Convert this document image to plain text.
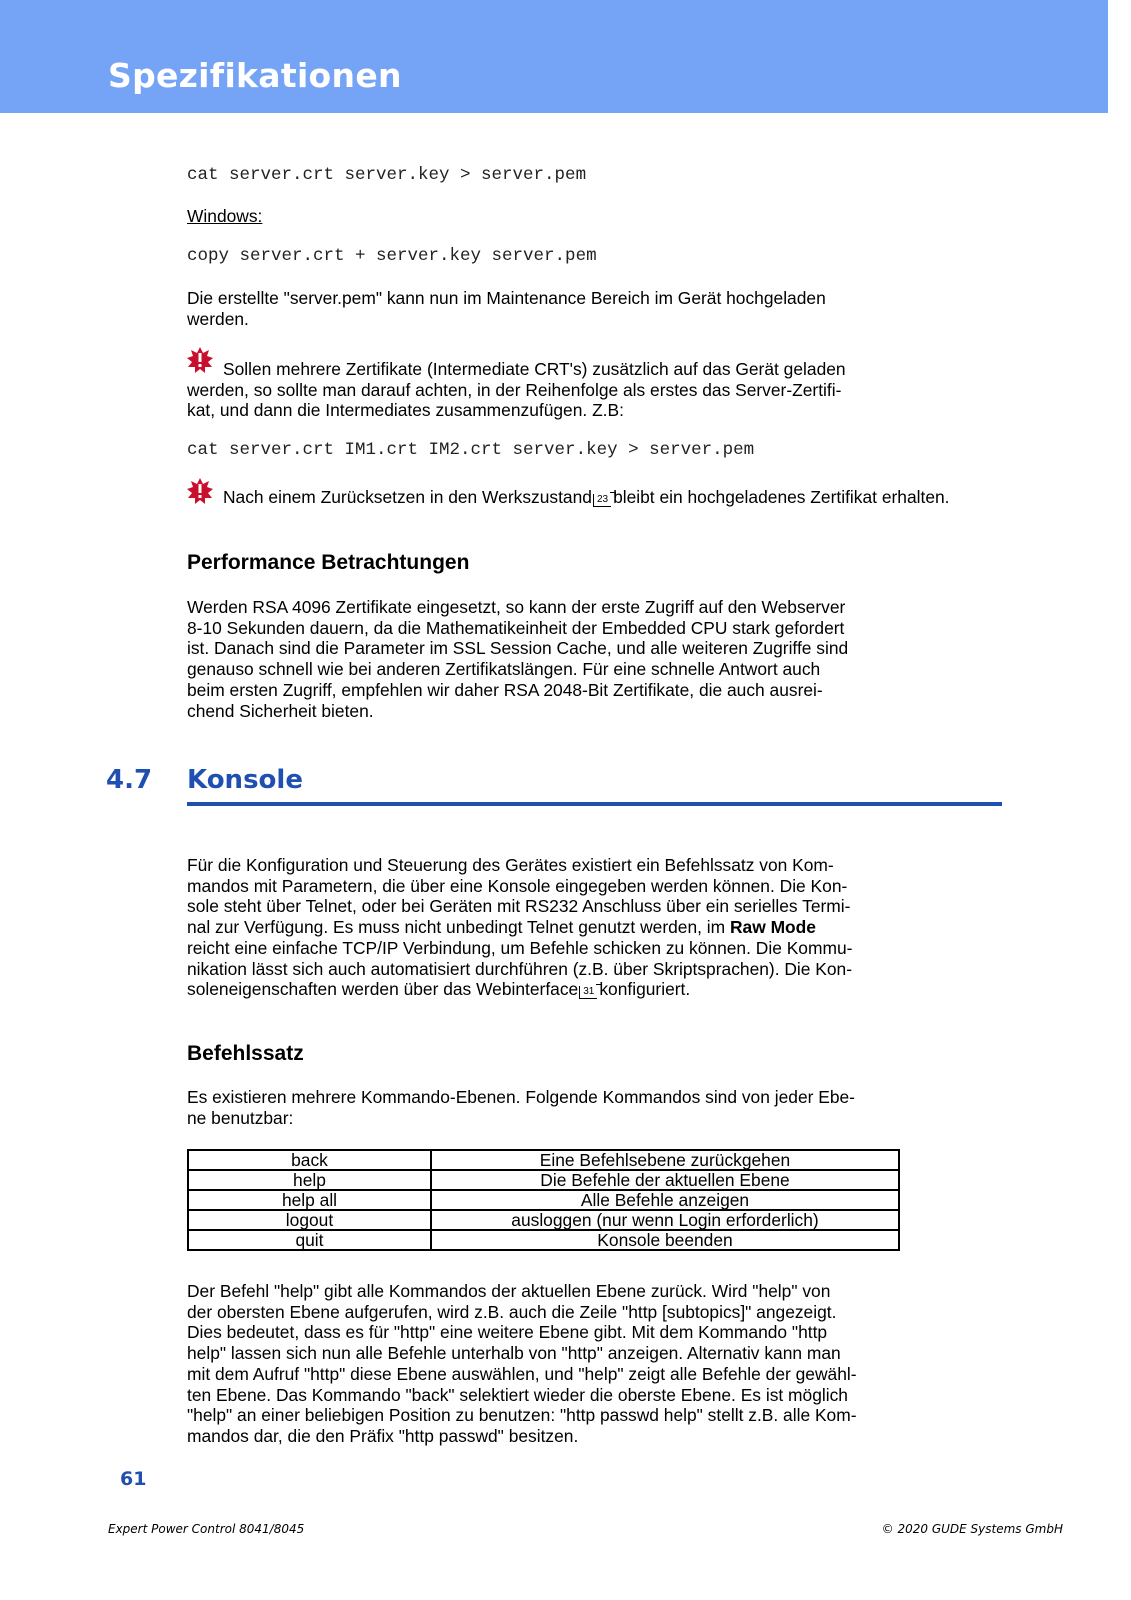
Spezifikationen
cat server.crt server.key > server.pem
Windows:
copy server.crt + server.key server.pem
Die erstellte "server.pem" kann nun im Maintenance Bereich im Gerät hochgeladen
werden.
Sollen mehrere Zertifikate (Intermediate CRT's) zusätzlich auf das Gerät geladen
werden, so sollte man darauf achten, in der Reihenfolge als erstes das Server-Zertifi-
kat, und dann die Intermediates zusammenzufügen. Z.B:
cat server.crt IM1.crt IM2.crt server.key > server.pem
Nach einem Zurücksetzen in den Werkszustand 23 bleibt ein hochgeladenes Zertifikat erhalten.
Performance Betrachtungen
Werden RSA 4096 Zertifikate eingesetzt, so kann der erste Zugriff auf den Webserver
8-10 Sekunden dauern, da die Mathematikeinheit der Embedded CPU stark gefordert
ist. Danach sind die Parameter im SSL Session Cache, und alle weiteren Zugriffe sind
genauso schnell wie bei anderen Zertifikatslängen. Für eine schnelle Antwort auch
beim ersten Zugriff, empfehlen wir daher RSA 2048-Bit Zertifikate, die auch ausrei-
chend Sicherheit bieten.
4.7 Konsole
Für die Konfiguration und Steuerung des Gerätes existiert ein Befehlssatz von Kom-
mandos mit Parametern, die über eine Konsole eingegeben werden können. Die Kon-
sole steht über Telnet, oder bei Geräten mit RS232 Anschluss über ein serielles Termi-
nal zur Verfügung. Es muss nicht unbedingt Telnet genutzt werden, im Raw Mode
reicht eine einfache TCP/IP Verbindung, um Befehle schicken zu können. Die Kommu-
nikation lässt sich auch automatisiert durchführen (z.B. über Skriptsprachen). Die Kon-
soleneigenschaften werden über das Webinterface 31 konfiguriert.
Befehlssatz
Es existieren mehrere Kommando-Ebenen. Folgende Kommandos sind von jeder Ebe-
ne benutzbar:
back	Eine Befehlsebene zurückgehen
help	Die Befehle der aktuellen Ebene
help all	Alle Befehle anzeigen
logout	ausloggen (nur wenn Login erforderlich)
quit	Konsole beenden
Der Befehl "help" gibt alle Kommandos der aktuellen Ebene zurück. Wird "help" von
der obersten Ebene aufgerufen, wird z.B. auch die Zeile "http [subtopics]" angezeigt.
Dies bedeutet, dass es für "http" eine weitere Ebene gibt. Mit dem Kommando "http
help" lassen sich nun alle Befehle unterhalb von "http" anzeigen. Alternativ kann man
mit dem Aufruf "http" diese Ebene auswählen, und "help" zeigt alle Befehle der gewähl-
ten Ebene. Das Kommando "back" selektiert wieder die oberste Ebene. Es ist möglich
"help" an einer beliebigen Position zu benutzen: "http passwd help" stellt z.B. alle Kom-
mandos dar, die den Präfix "http passwd" besitzen.
61
Expert Power Control 8041/8045	© 2020 GUDE Systems GmbH
